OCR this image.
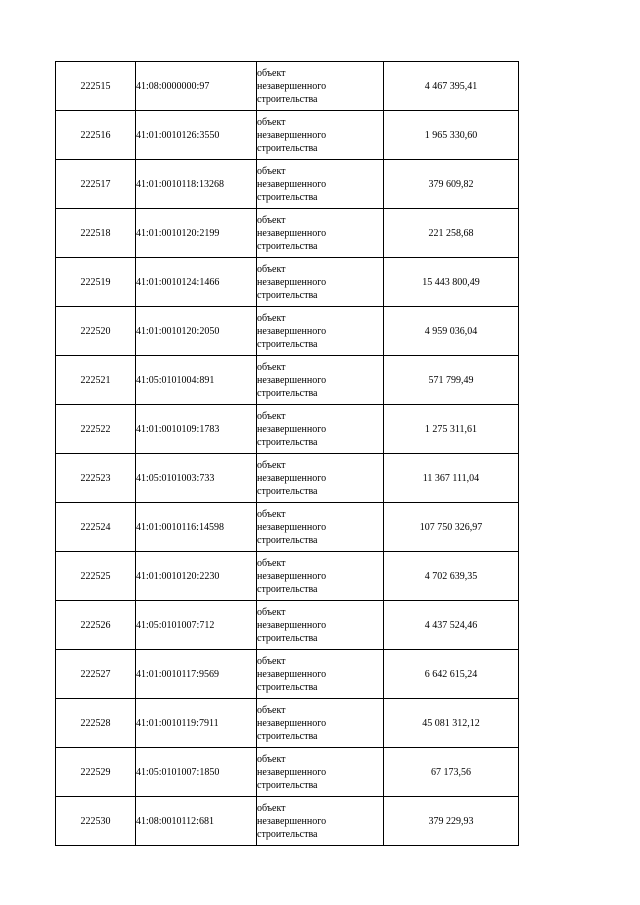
222515	41:08:0000000:97	объект
незавершенного
строительства	4 467 395,41
222516	41:01:0010126:3550	объект
незавершенного
строительства	1 965 330,60
222517	41:01:0010118:13268	объект
незавершенного
строительства	379 609,82
222518	41:01:0010120:2199	объект
незавершенного
строительства	221 258,68
222519	41:01:0010124:1466	объект
незавершенного
строительства	15 443 800,49
222520	41:01:0010120:2050	объект
незавершенного
строительства	4 959 036,04
222521	41:05:0101004:891	объект
незавершенного
строительства	571 799,49
222522	41:01:0010109:1783	объект
незавершенного
строительства	1 275 311,61
222523	41:05:0101003:733	объект
незавершенного
строительства	11 367 111,04
222524	41:01:0010116:14598	объект
незавершенного
строительства	107 750 326,97
222525	41:01:0010120:2230	объект
незавершенного
строительства	4 702 639,35
222526	41:05:0101007:712	объект
незавершенного
строительства	4 437 524,46
222527	41:01:0010117:9569	объект
незавершенного
строительства	6 642 615,24
222528	41:01:0010119:7911	объект
незавершенного
строительства	45 081 312,12
222529	41:05:0101007:1850	объект
незавершенного
строительства	67 173,56
222530	41:08:0010112:681	объект
незавершенного
строительства	379 229,93
